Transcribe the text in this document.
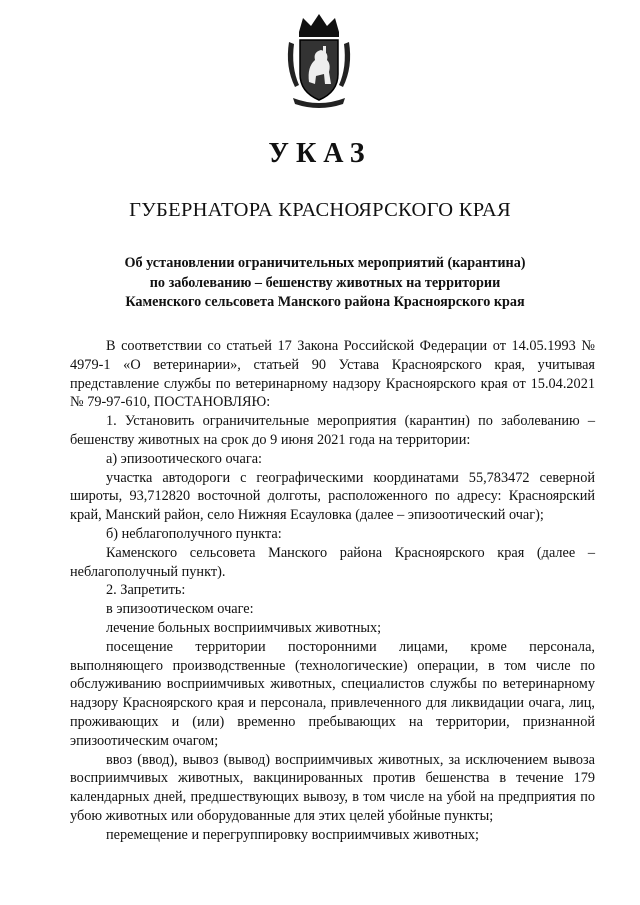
УКАЗ
ГУБЕРНАТОРА КРАСНОЯРСКОГО КРАЯ
Об установлении ограничительных мероприятий (карантина)
по заболеванию – бешенству животных на территории
Каменского сельсовета Манского района Красноярского края

В соответствии со статьей 17 Закона Российской Федерации от 14.05.1993 № 4979-1 «О ветеринарии», статьей 90 Устава Красноярского края, учитывая представление службы по ветеринарному надзору Красноярского края от 15.04.2021 № 79-97-610, ПОСТАНОВЛЯЮ:

1. Установить ограничительные мероприятия (карантин) по заболеванию – бешенству животных на срок до 9 июня 2021 года на территории:

а) эпизоотического очага:

участка автодороги с географическими координатами 55,783472 северной широты, 93,712820 восточной долготы, расположенного по адресу: Красноярский край, Манский район, село Нижняя Есауловка (далее – эпизоотический очаг);

б) неблагополучного пункта:

Каменского сельсовета Манского района Красноярского края (далее – неблагополучный пункт).

2. Запретить:

в эпизоотическом очаге:

лечение больных восприимчивых животных;

посещение территории посторонними лицами, кроме персонала, выполняющего производственные (технологические) операции, в том числе по обслуживанию восприимчивых животных, специалистов службы по ветеринарному надзору Красноярского края и персонала, привлеченного для ликвидации очага, лиц, проживающих и (или) временно пребывающих на территории, признанной эпизоотическим очагом;

ввоз (ввод), вывоз (вывод) восприимчивых животных, за исключением вывоза восприимчивых животных, вакцинированных против бешенства в течение 179 календарных дней, предшествующих вывозу, в том числе на убой на предприятия по убою животных или оборудованные для этих целей убойные пункты;

перемещение и перегруппировку восприимчивых животных;
